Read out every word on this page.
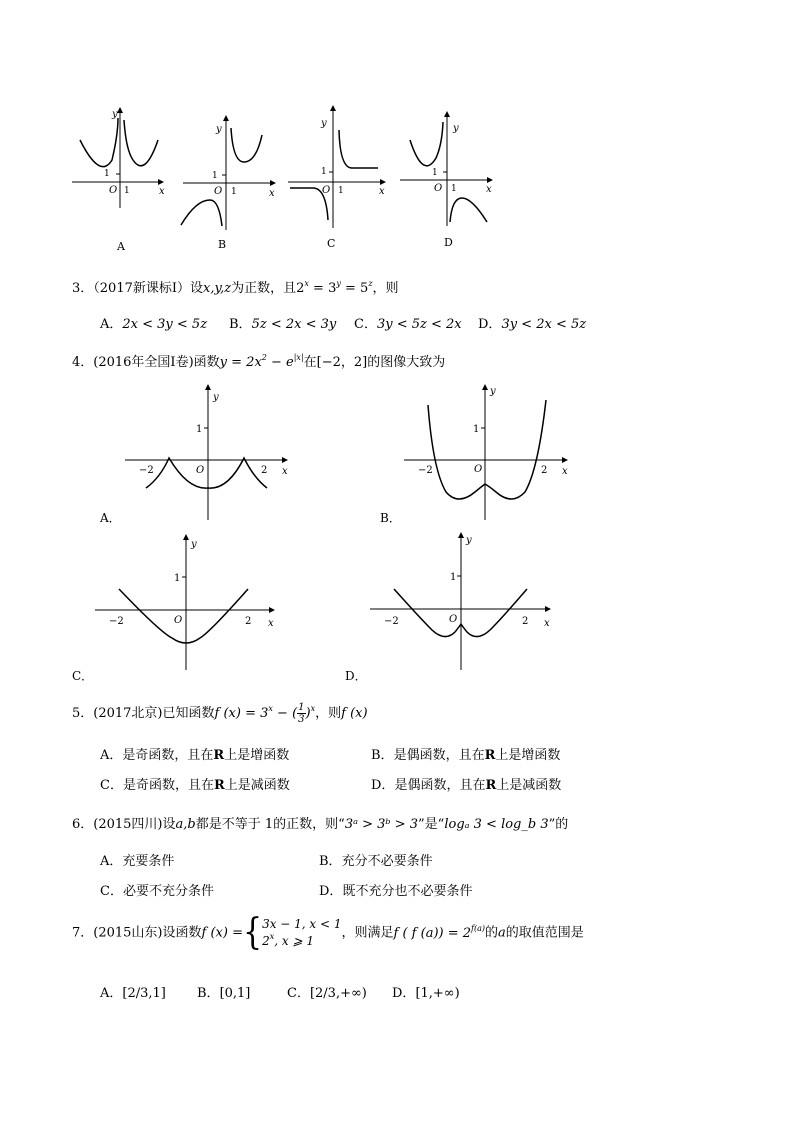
1
O 1	x
y
A
1
O 1	x
y
B
1
O 1	x
y
C
1
O 1	x
y
D
3．（2017新课标Ⅰ）设x,y,z为正数，且$2^x = 3^y = 5^z$，则
A．2x < 3y < 5z B．5z < 2x < 3y C．3y < 5z < 2x D．3y < 2x < 5z
4．(2016年全国Ⅰ卷)函数$y = 2x^2 - e^{|x|}$在[−2，2]的图像大致为
1
−2	O	2 x
y
A．
1
−2	O	2 x
y
B．
1
−2	O	2 x
y
C．
1
−2	O	2 x
y
D．
5．(2017北京)已知函数f $(x) = 3^x$ − ( $\frac{1}{3} )^x$，则f (x)
A．是奇函数，且在R上是增函数	B．是偶函数，且在R上是增函数
C．是奇函数，且在R上是减函数	D．是偶函数，且在R上是减函数
6．(2015四川)设a,b都是不等于 1的正数，则“3ᵃ > 3ᵇ > 3”是“logₐ 3 < log_b 3”的
A．充要条件	B．充分不必要条件
C．必要不充分条件	D．既不充分也不必要条件
7．(2015山东)设函数f (x) ={ 3x − 1, x < 1
2$^x$, x ⩾ 1
，则满足f ( f $(a)) = 2^{f(a)}$的a的取值范围是
A．[2/3,1] B．[0,1]	C．[2/3,+∞) D．[1,+∞)
